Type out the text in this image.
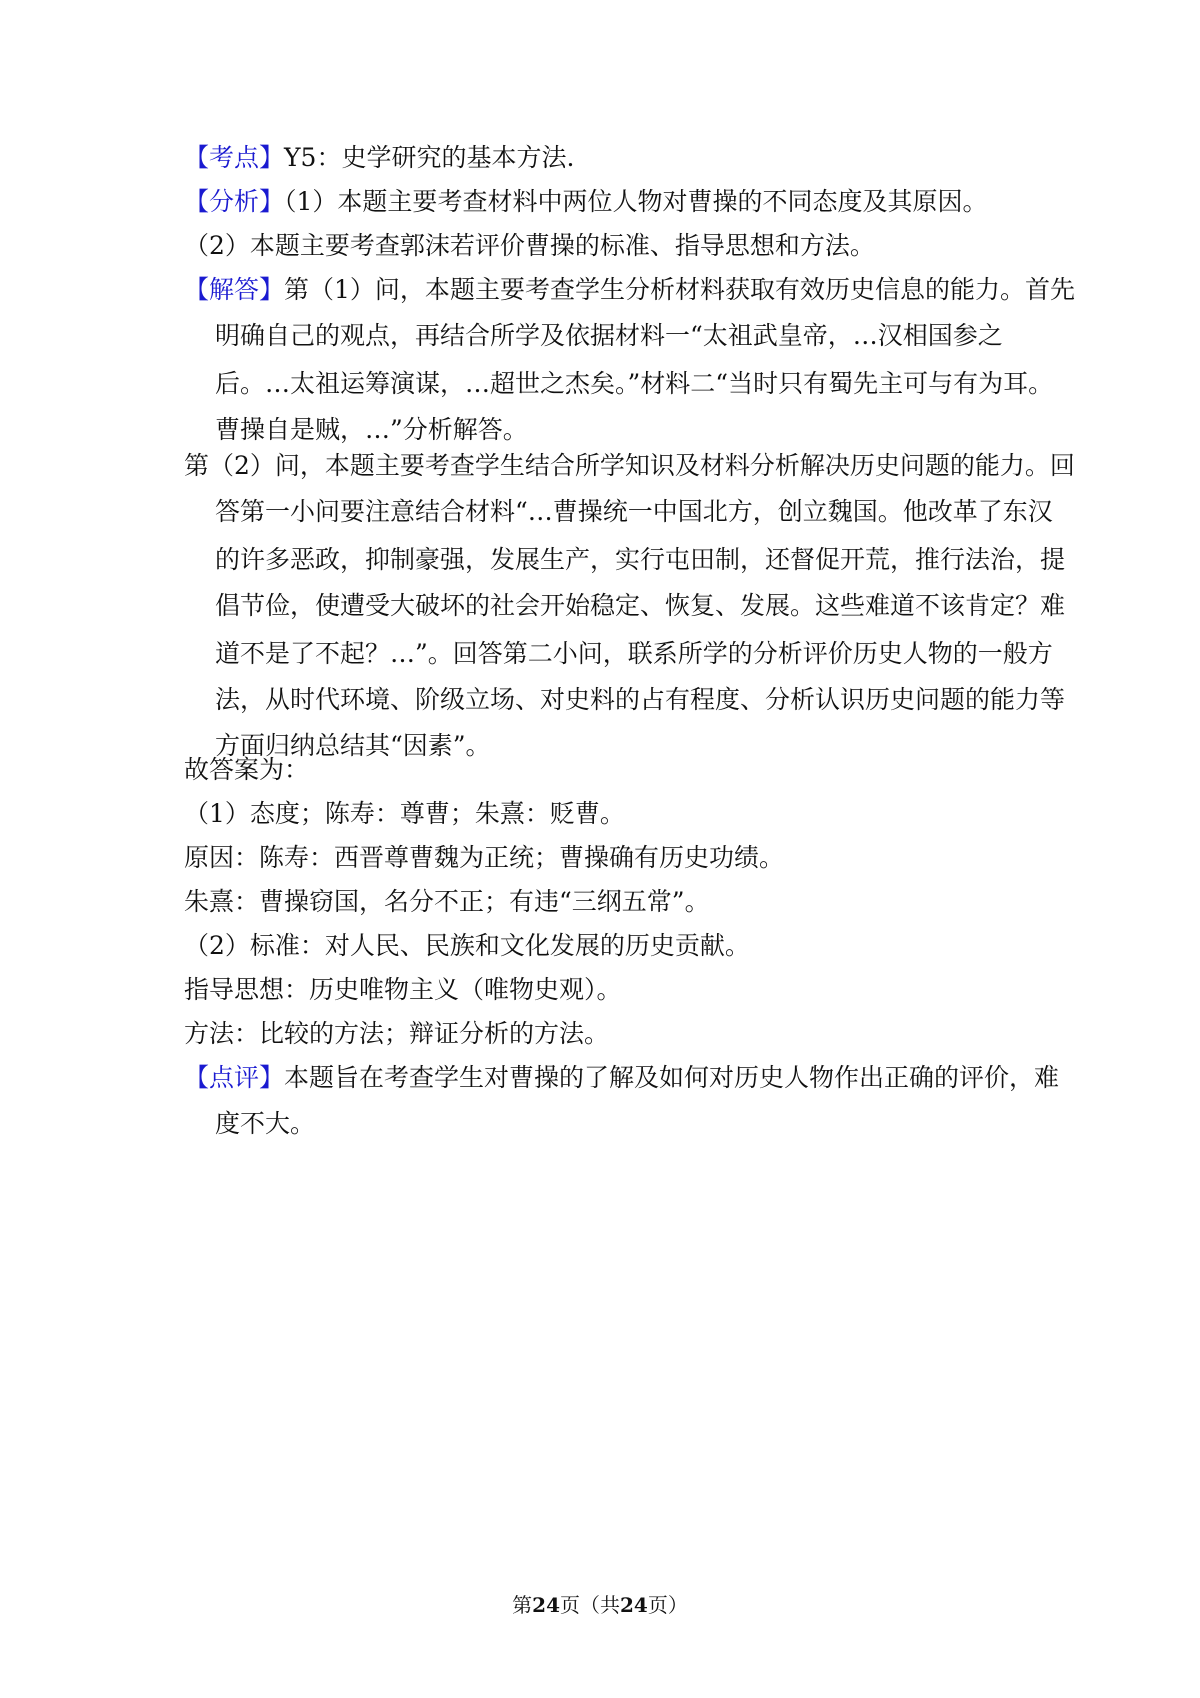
【考点】Y5：史学研究的基本方法.
【分析】（1）本题主要考查材料中两位人物对曹操的不同态度及其原因。
（2）本题主要考查郭沫若评价曹操的标准、指导思想和方法。
【解答】第（1）问，本题主要考查学生分析材料获取有效历史信息的能力。首先明确自己的观点，再结合所学及依据材料一“太祖武皇帝，…汉相国参之后。…太祖运筹演谋，…超世之杰矣。”材料二“当时只有蜀先主可与有为耳。曹操自是贼，…”分析解答。
第（2）问，本题主要考查学生结合所学知识及材料分析解决历史问题的能力。回答第一小问要注意结合材料“…曹操统一中国北方，创立魏国。他改革了东汉的许多恶政，抑制豪强，发展生产，实行屯田制，还督促开荒，推行法治，提倡节俭，使遭受大破坏的社会开始稳定、恢复、发展。这些难道不该肯定？难道不是了不起？…”。回答第二小问，联系所学的分析评价历史人物的一般方法，从时代环境、阶级立场、对史料的占有程度、分析认识历史问题的能力等方面归纳总结其“因素”。
故答案为：
（1）态度；陈寿：尊曹；朱熹：贬曹。
原因：陈寿：西晋尊曹魏为正统；曹操确有历史功绩。
朱熹：曹操窃国，名分不正；有违“三纲五常”。
（2）标准：对人民、民族和文化发展的历史贡献。
指导思想：历史唯物主义（唯物史观）。
方法：比较的方法；辩证分析的方法。
【点评】本题旨在考查学生对曹操的了解及如何对历史人物作出正确的评价，难度不大。
第24页（共24页）
